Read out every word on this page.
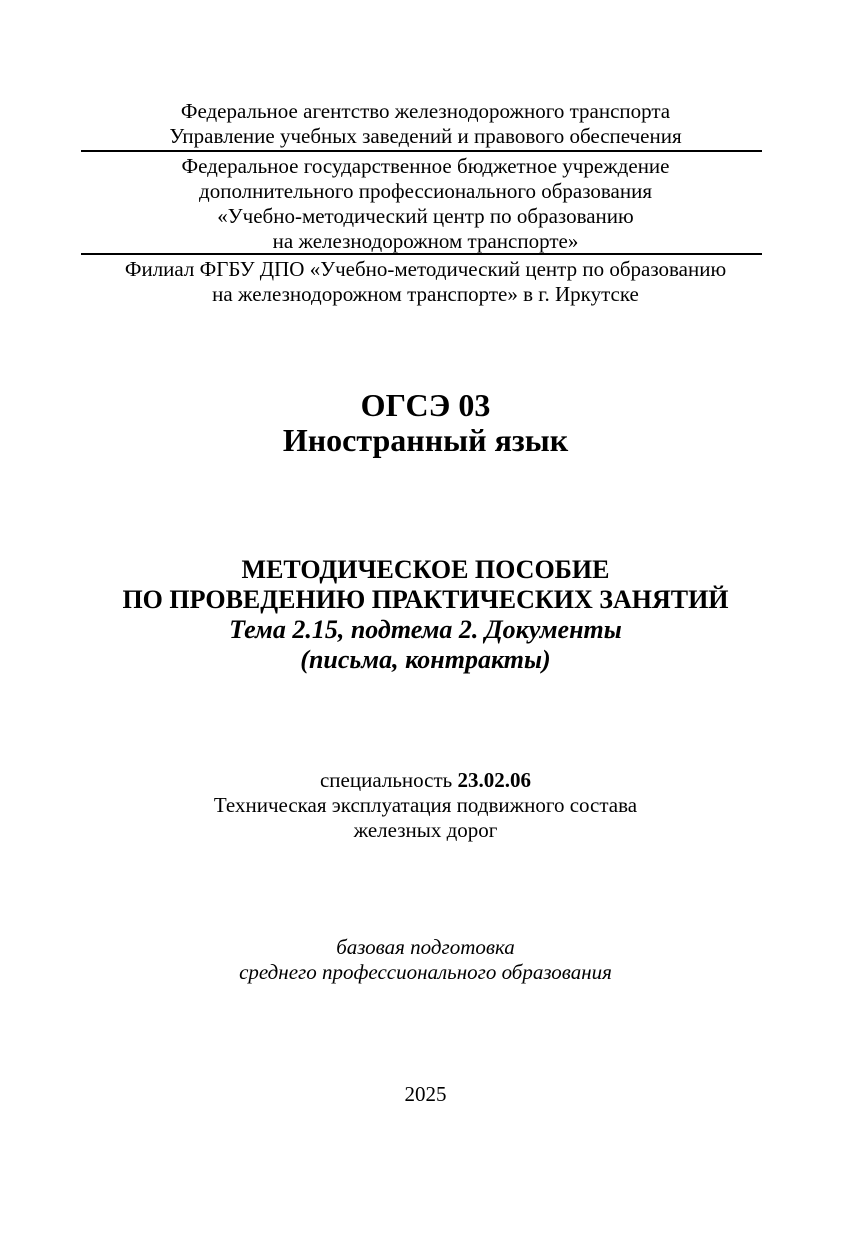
Федеральное агентство железнодорожного транспорта
Управление учебных заведений и правового обеспечения
Федеральное государственное бюджетное учреждение
дополнительного профессионального образования
«Учебно-методический центр по образованию
на железнодорожном транспорте»
Филиал ФГБУ ДПО «Учебно-методический центр по образованию
на железнодорожном транспорте» в г. Иркутске
ОГСЭ 03
Иностранный язык
МЕТОДИЧЕСКОЕ ПОСОБИЕ
ПО ПРОВЕДЕНИЮ ПРАКТИЧЕСКИХ ЗАНЯТИЙ
Тема 2.15, подтема 2. Документы
(письма, контракты)
специальность 23.02.06
Техническая эксплуатация подвижного состава
железных дорог
базовая подготовка
среднего профессионального образования
2025
